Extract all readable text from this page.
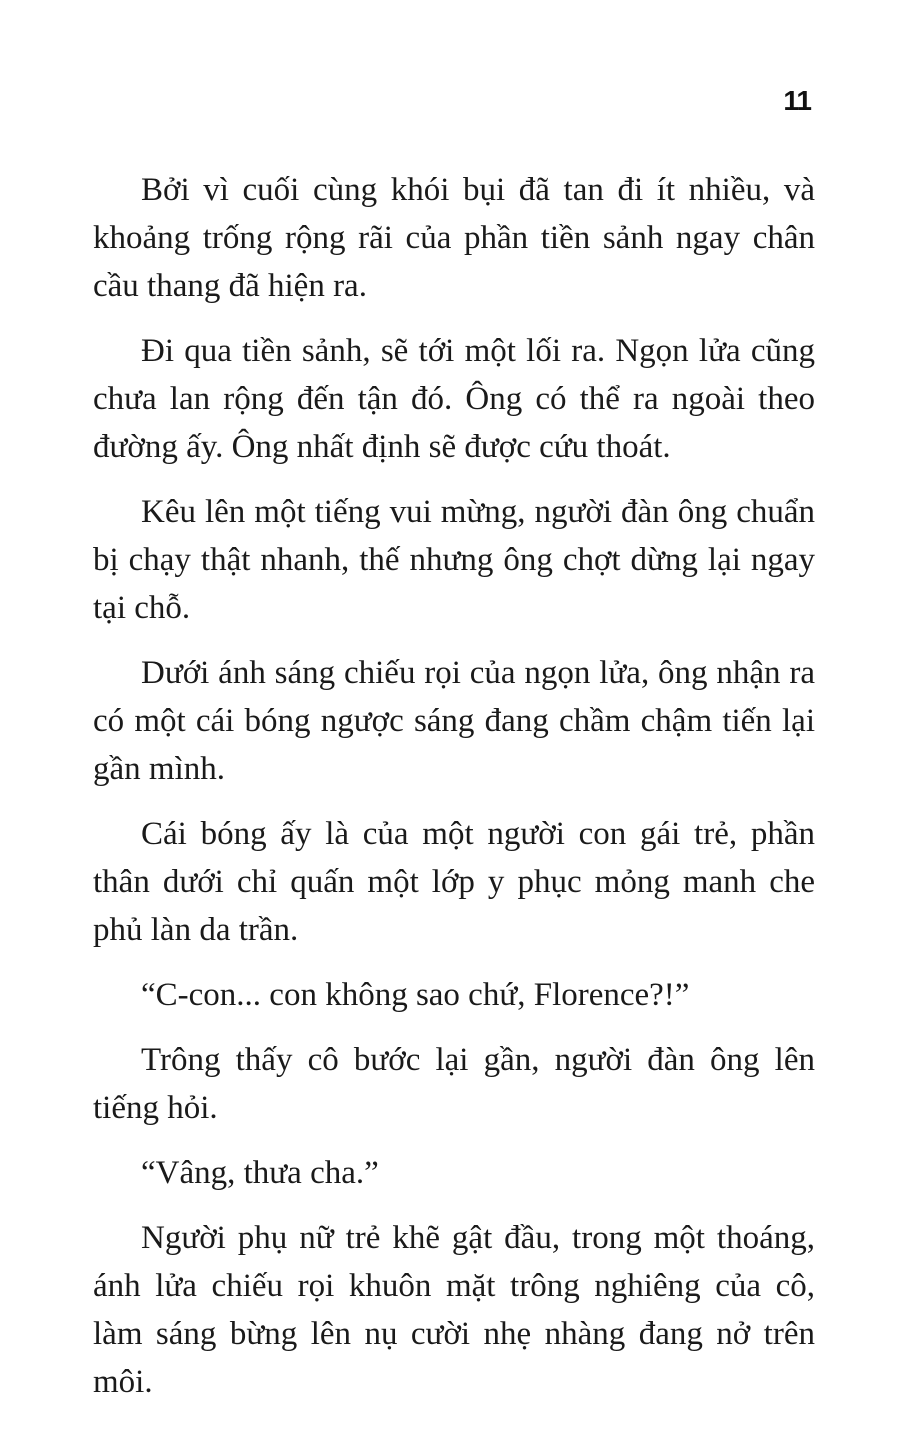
11

Bởi vì cuối cùng khói bụi đã tan đi ít nhiều, và khoảng trống rộng rãi của phần tiền sảnh ngay chân cầu thang đã hiện ra.

Đi qua tiền sảnh, sẽ tới một lối ra. Ngọn lửa cũng chưa lan rộng đến tận đó. Ông có thể ra ngoài theo đường ấy. Ông nhất định sẽ được cứu thoát.

Kêu lên một tiếng vui mừng, người đàn ông chuẩn bị chạy thật nhanh, thế nhưng ông chợt dừng lại ngay tại chỗ.

Dưới ánh sáng chiếu rọi của ngọn lửa, ông nhận ra có một cái bóng ngược sáng đang chầm chậm tiến lại gần mình.

Cái bóng ấy là của một người con gái trẻ, phần thân dưới chỉ quấn một lớp y phục mỏng manh che phủ làn da trần.

“C-con... con không sao chứ, Florence?!”

Trông thấy cô bước lại gần, người đàn ông lên tiếng hỏi.

“Vâng, thưa cha.”

Người phụ nữ trẻ khẽ gật đầu, trong một thoáng, ánh lửa chiếu rọi khuôn mặt trông nghiêng của cô, làm sáng bừng lên nụ cười nhẹ nhàng đang nở trên môi.
